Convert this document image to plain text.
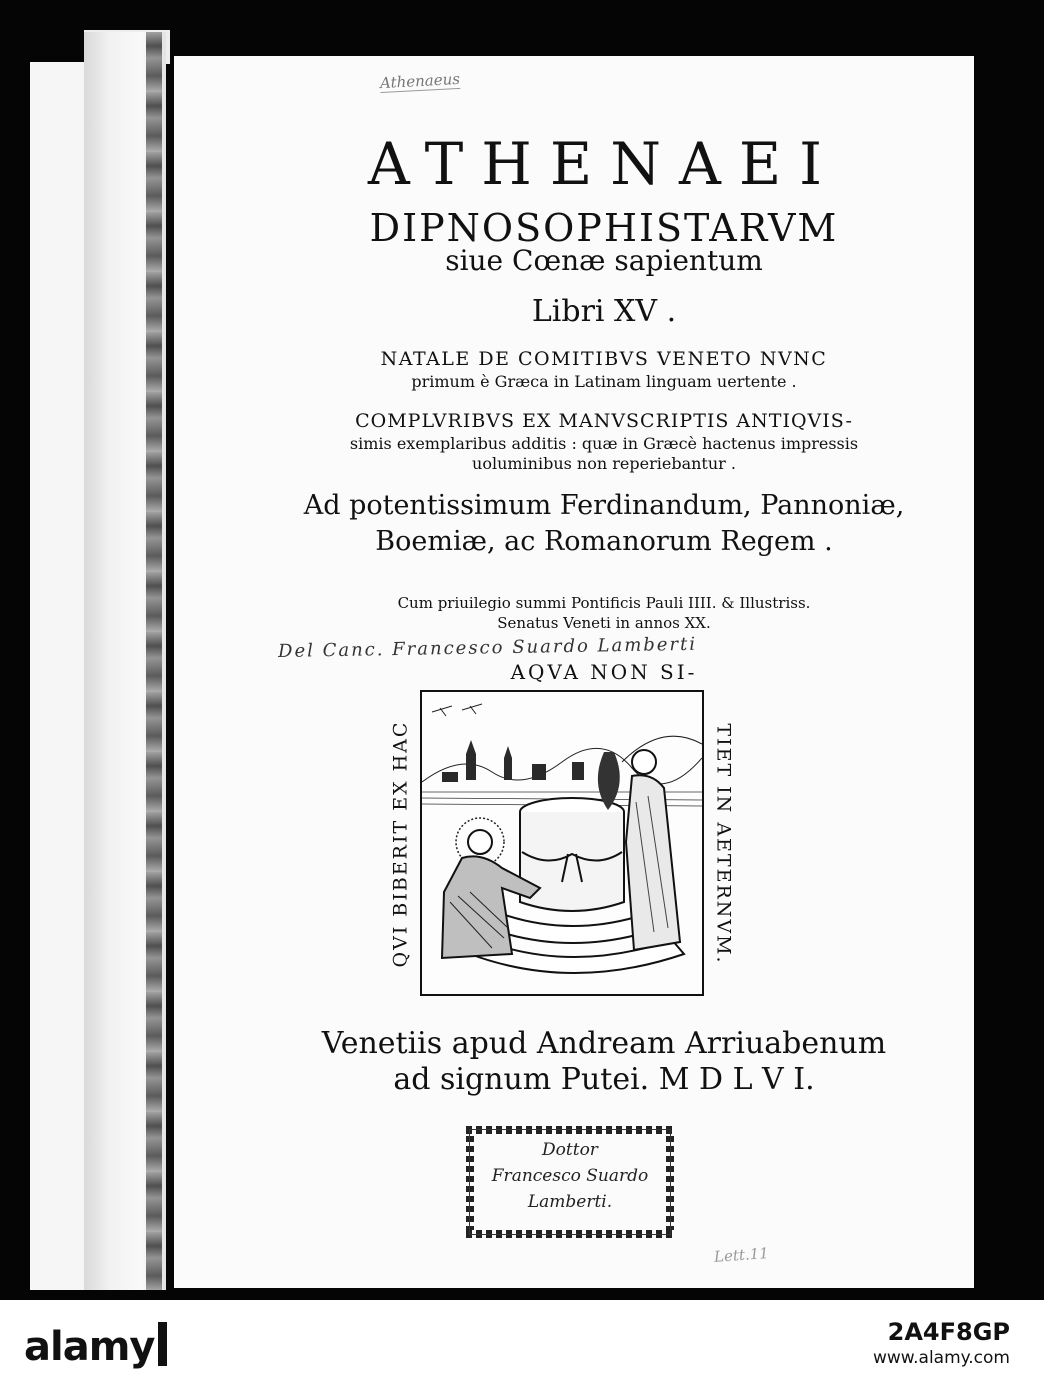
Athenaeus
ATHENAEI
DIPNOSOPHISTARVM
siue Cœnæ sapientum
Libri XV .
NATALE DE COMITIBVS VENETO NVNC
primum è Græca in Latinam linguam uertente .
COMPLVRIBVS EX MANVSCRIPTIS ANTIQVIS-
simis exemplaribus additis : quæ in Græcè hactenus impressis
uoluminibus non reperiebantur .
Ad potentissimum Ferdinandum, Pannoniæ,
Boemiæ, ac Romanorum Regem .
Cum priuilegio summi Pontificis Pauli IIII. & Illustriss.
Senatus Veneti in annos XX.
Del Canc. Francesco Suardo Lamberti
AQVA NON SI-
QVI BIBERIT EX HAC	TIET IN AETERNVM.
Venetiis apud Andream Arriuabenum
ad signum Putei. M D L V I.
Dottor
Francesco Suardo
Lamberti.
Lett.11
alamy	2A4F8GP
www.alamy.com
